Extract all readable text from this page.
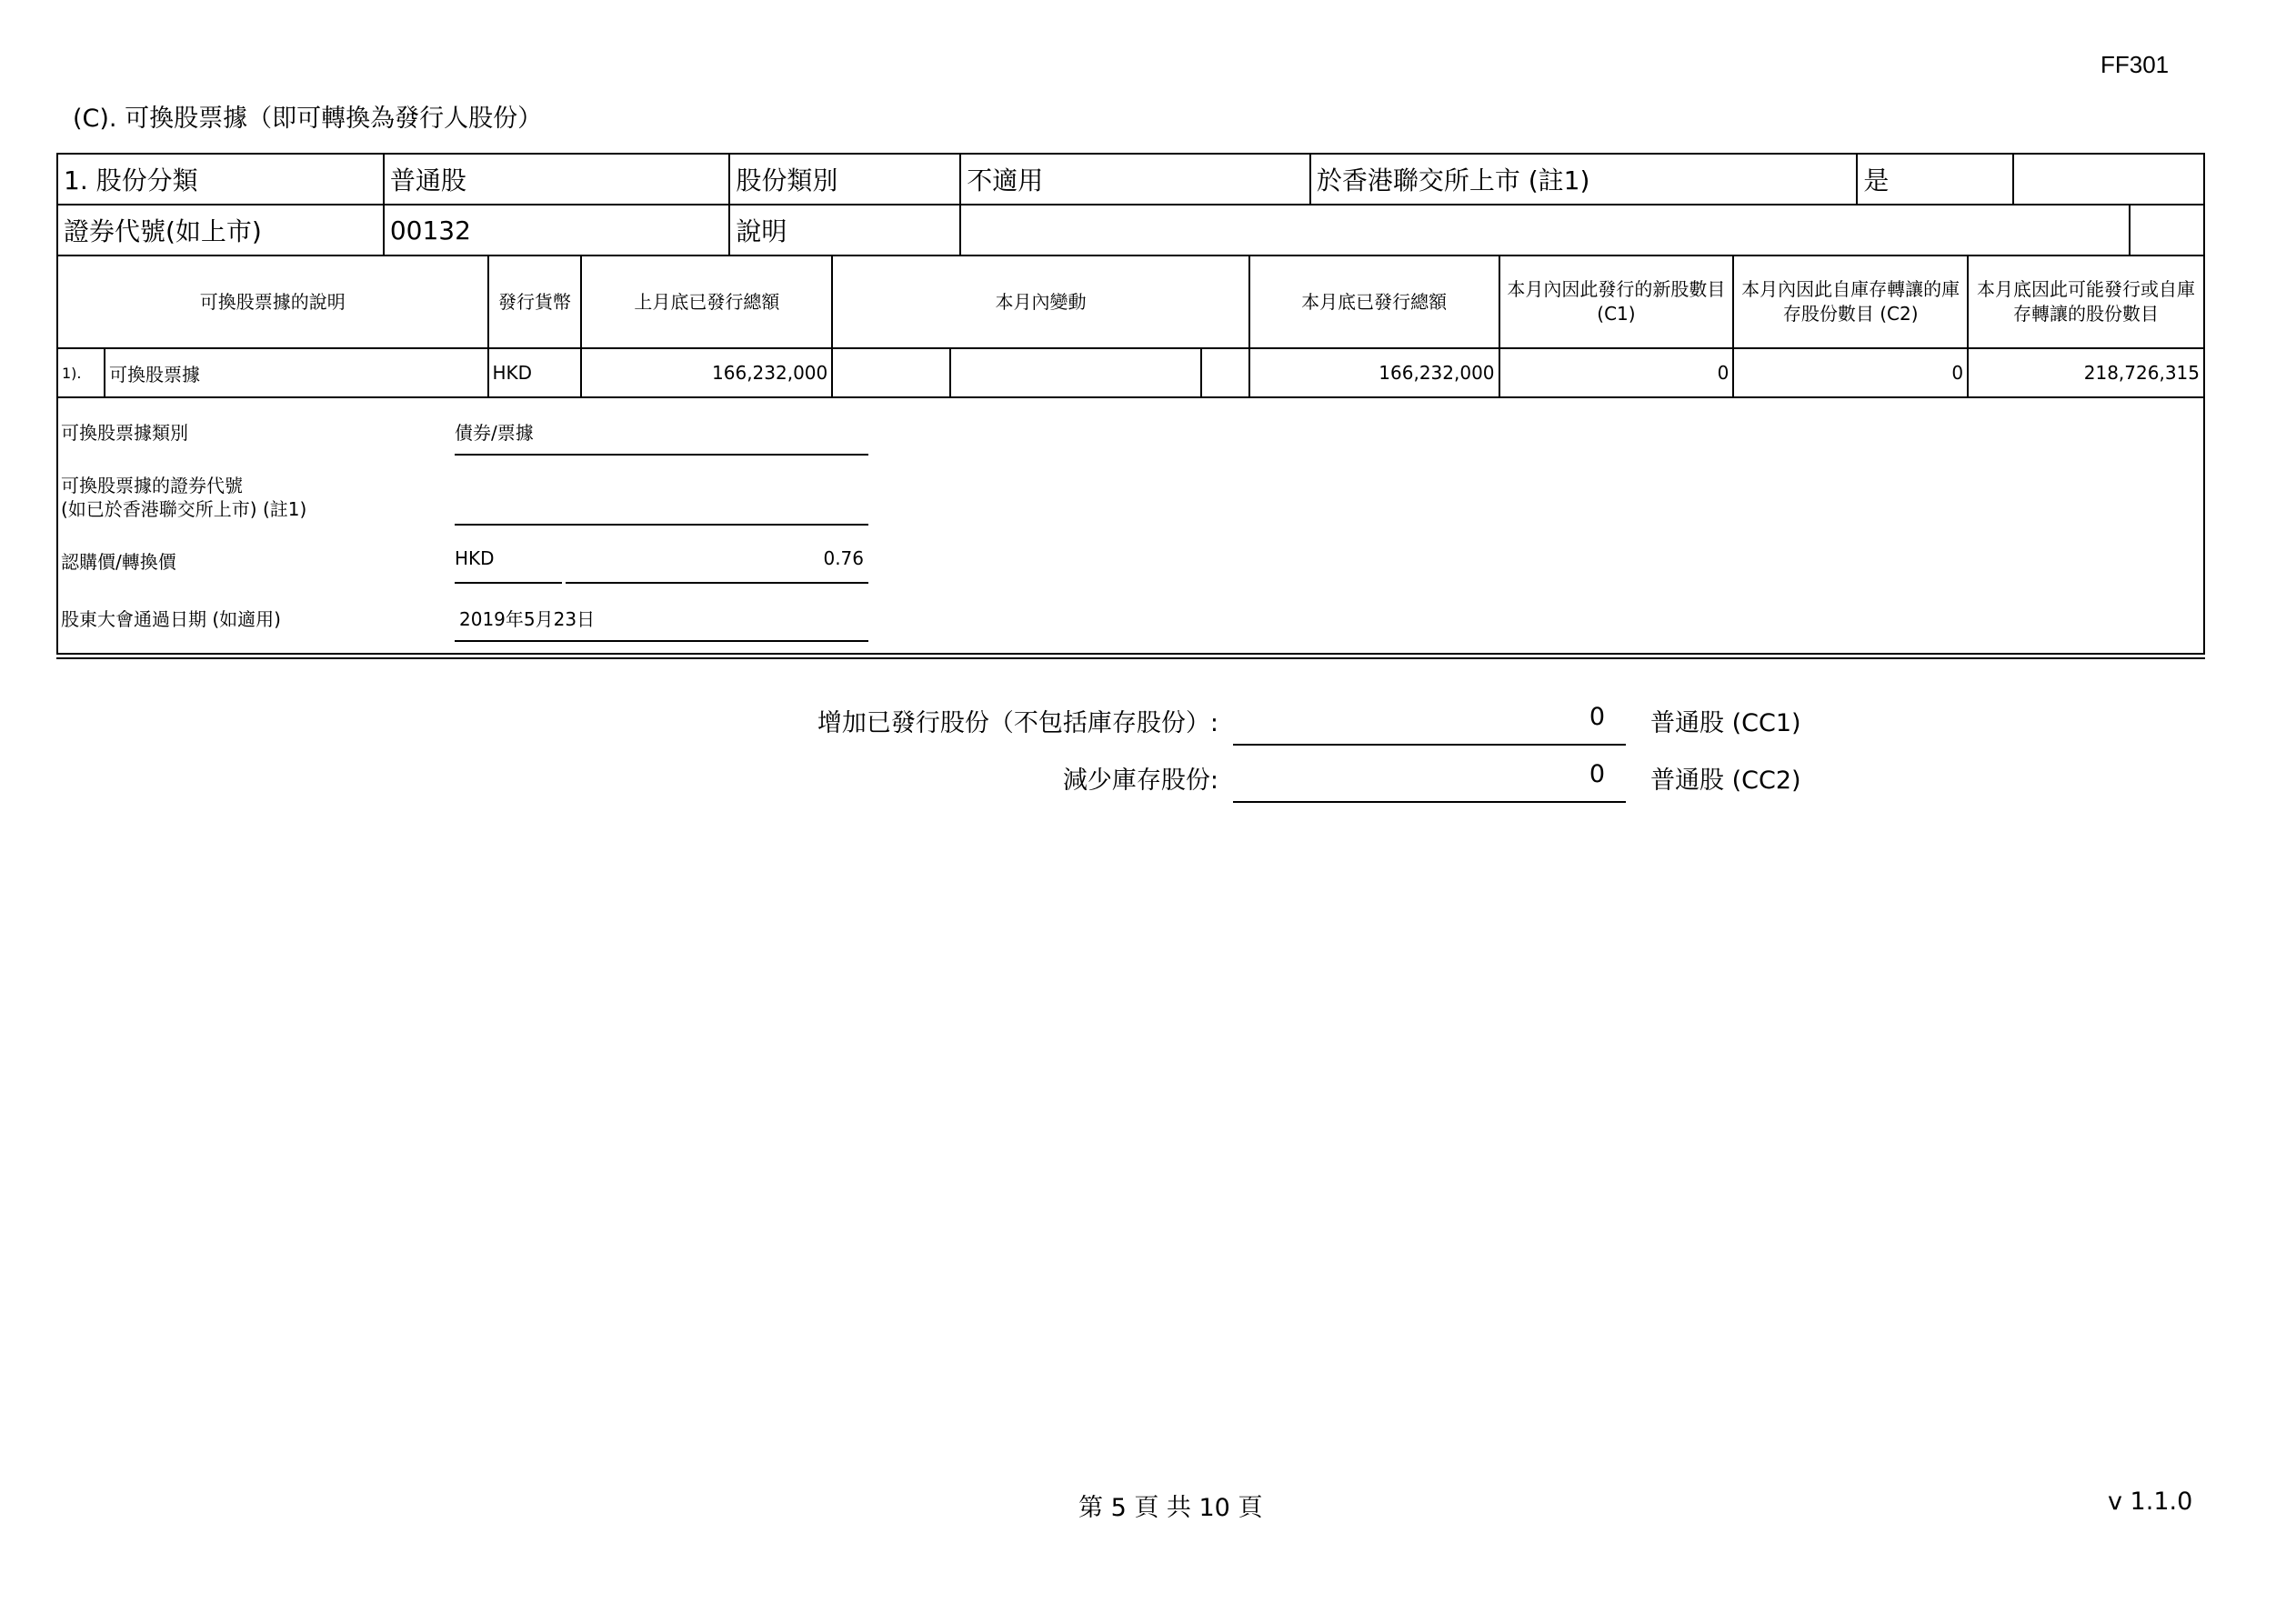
FF301
(C). 可換股票據（即可轉換為發行人股份）
1. 股份分類	普通股	股份類別	不適用	於香港聯交所上市 (註1)	是		
證券代號(如上市)	00132	說明					
可換股票據的說明		發行貨幣	上月底已發行總額	本月內變動			本月底已發行總額	本月內因此發行的新股數目 (C1)	本月內因此自庫存轉讓的庫存股份數目 (C2)	本月底因此可能發行或自庫存轉讓的股份數目
1).	可換股票據	HKD	166,232,000				166,232,000	0	0	218,726,315
可換股票據類別	債券/票據
可換股票據的證券代號
(如已於香港聯交所上市) (註1)
認購價/轉換價	HKD	0.76
股東大會通過日期 (如適用)	2019年5月23日
增加已發行股份（不包括庫存股份）:	0 普通股 (CC1)
減少庫存股份:	0 普通股 (CC2)
第 5 頁 共 10 頁	v 1.1.0
